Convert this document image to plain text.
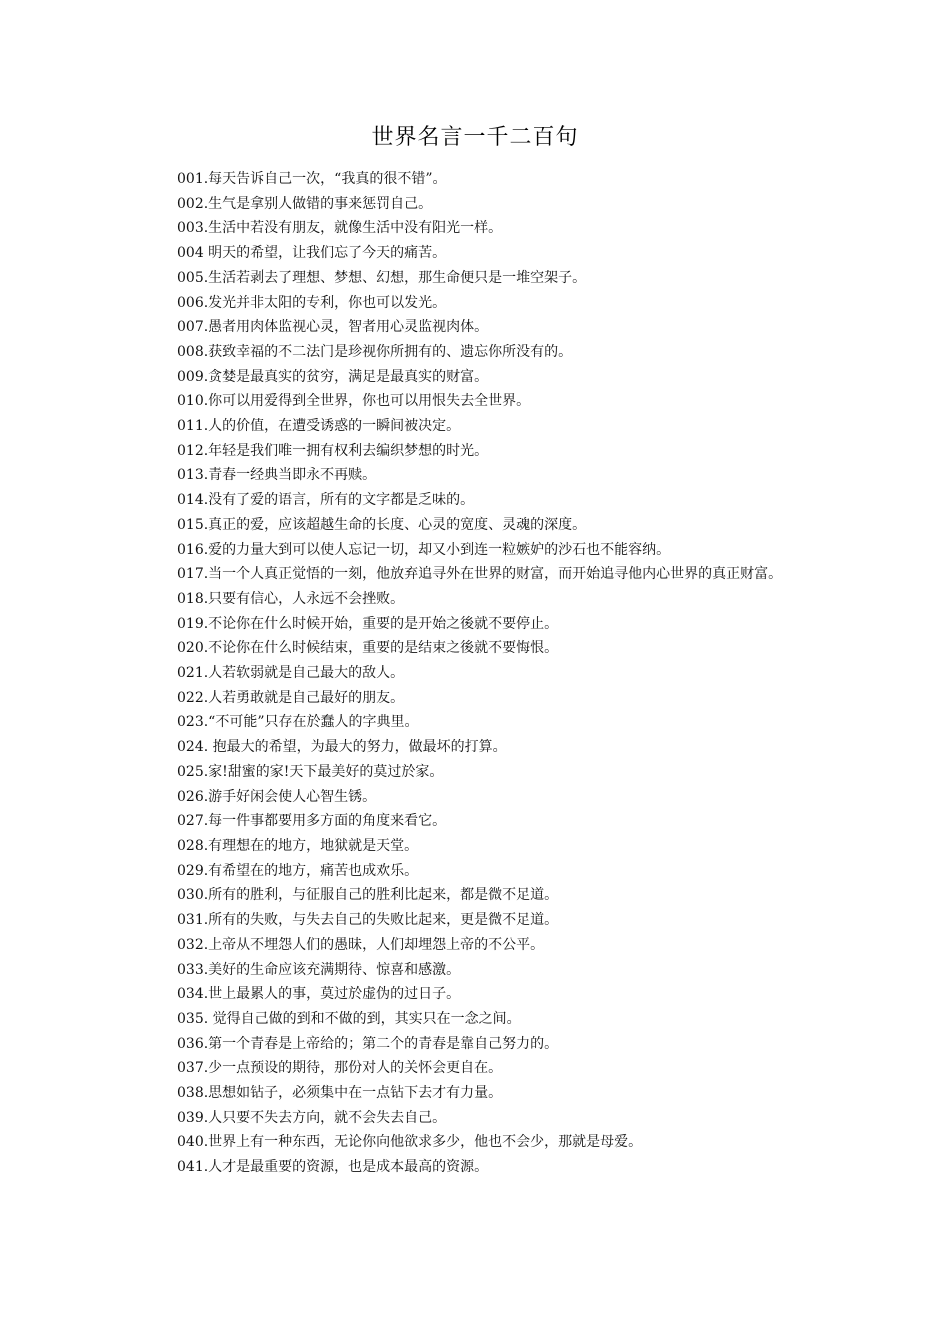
世界名言一千二百句
001.每天告诉自己一次，“我真的很不错”。
002.生气是拿别人做错的事来惩罚自己。
003.生活中若没有朋友，就像生活中没有阳光一样。
004 明天的希望，让我们忘了今天的痛苦。
005.生活若剥去了理想、梦想、幻想，那生命便只是一堆空架子。
006.发光并非太阳的专利，你也可以发光。
007.愚者用肉体监视心灵，智者用心灵监视肉体。
008.获致幸福的不二法门是珍视你所拥有的、遗忘你所没有的。
009.贪婪是最真实的贫穷，满足是最真实的财富。
010.你可以用爱得到全世界，你也可以用恨失去全世界。
011.人的价值，在遭受诱惑的一瞬间被决定。
012.年轻是我们唯一拥有权利去编织梦想的时光。
013.青春一经典当即永不再赎。
014.没有了爱的语言，所有的文字都是乏味的。
015.真正的爱，应该超越生命的长度、心灵的宽度、灵魂的深度。
016.爱的力量大到可以使人忘记一切，却又小到连一粒嫉妒的沙石也不能容纳。
017.当一个人真正觉悟的一刻，他放弃追寻外在世界的财富，而开始追寻他内心世界的真正财富。
018.只要有信心，人永远不会挫败。
019.不论你在什么时候开始，重要的是开始之後就不要停止。
020.不论你在什么时候结束，重要的是结束之後就不要悔恨。
021.人若软弱就是自己最大的敌人。
022.人若勇敢就是自己最好的朋友。
023.“不可能”只存在於蠢人的字典里。
024. 抱最大的希望，为最大的努力，做最坏的打算。
025.家!甜蜜的家!天下最美好的莫过於家。
026.游手好闲会使人心智生锈。
027.每一件事都要用多方面的角度来看它。
028.有理想在的地方，地狱就是天堂。
029.有希望在的地方，痛苦也成欢乐。
030.所有的胜利，与征服自己的胜利比起来，都是微不足道。
031.所有的失败，与失去自己的失败比起来，更是微不足道。
032.上帝从不埋怨人们的愚昧，人们却埋怨上帝的不公平。
033.美好的生命应该充满期待、惊喜和感激。
034.世上最累人的事，莫过於虚伪的过日子。
035. 觉得自己做的到和不做的到，其实只在一念之间。
036.第一个青春是上帝给的；第二个的青春是靠自己努力的。
037.少一点预设的期待，那份对人的关怀会更自在。
038.思想如钻子，必须集中在一点钻下去才有力量。
039.人只要不失去方向，就不会失去自己。
040.世界上有一种东西，无论你向他欲求多少，他也不会少，那就是母爱。
041.人才是最重要的资源，也是成本最高的资源。
